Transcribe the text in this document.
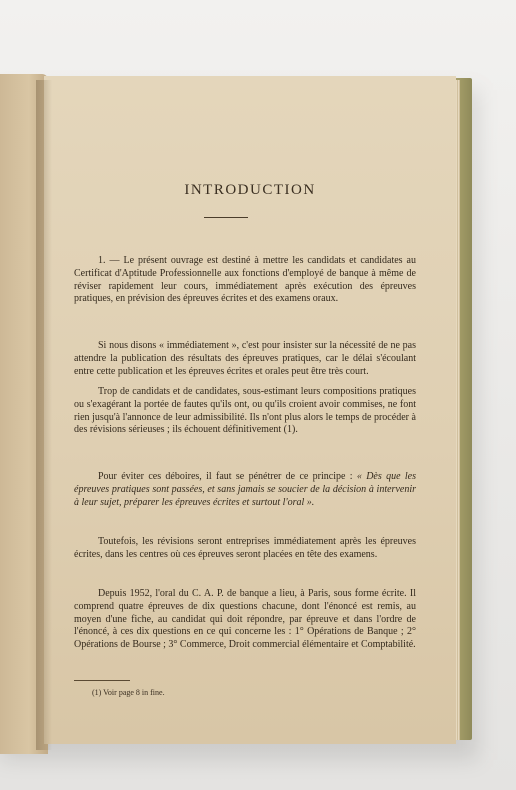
INTRODUCTION

1. — Le présent ouvrage est destiné à mettre les candidats et candidates au Certificat d'Aptitude Professionnelle aux fonctions d'employé de banque à même de réviser rapidement leur cours, immédiatement après exécution des épreuves pratiques, en prévision des épreuves écrites et des examens oraux.

Si nous disons « immédiatement », c'est pour insister sur la nécessité de ne pas attendre la publication des résultats des épreuves pratiques, car le délai s'écoulant entre cette publication et les épreuves écrites et orales peut être très court.

Trop de candidats et de candidates, sous-estimant leurs compositions pratiques ou s'exagérant la portée de fautes qu'ils ont, ou qu'ils croient avoir commises, ne font rien jusqu'à l'annonce de leur admissibilité. Ils n'ont plus alors le temps de procéder à des révisions sérieuses ; ils échouent définitivement (1).

Pour éviter ces déboires, il faut se pénétrer de ce principe : « Dès que les épreuves pratiques sont passées, et sans jamais se soucier de la décision à intervenir à leur sujet, préparer les épreuves écrites et surtout l'oral ».

Toutefois, les révisions seront entreprises immédiatement après les épreuves écrites, dans les centres où ces épreuves seront placées en tête des examens.

Depuis 1952, l'oral du C. A. P. de banque a lieu, à Paris, sous forme écrite. Il comprend quatre épreuves de dix questions chacune, dont l'énoncé est remis, au moyen d'une fiche, au candidat qui doit répondre, par épreuve et dans l'ordre de l'énoncé, à ces dix questions en ce qui concerne les : 1° Opérations de Banque ; 2° Opérations de Bourse ; 3° Commerce, Droit commercial élémentaire et Comptabilité.

(1) Voir page 8 in fine.
